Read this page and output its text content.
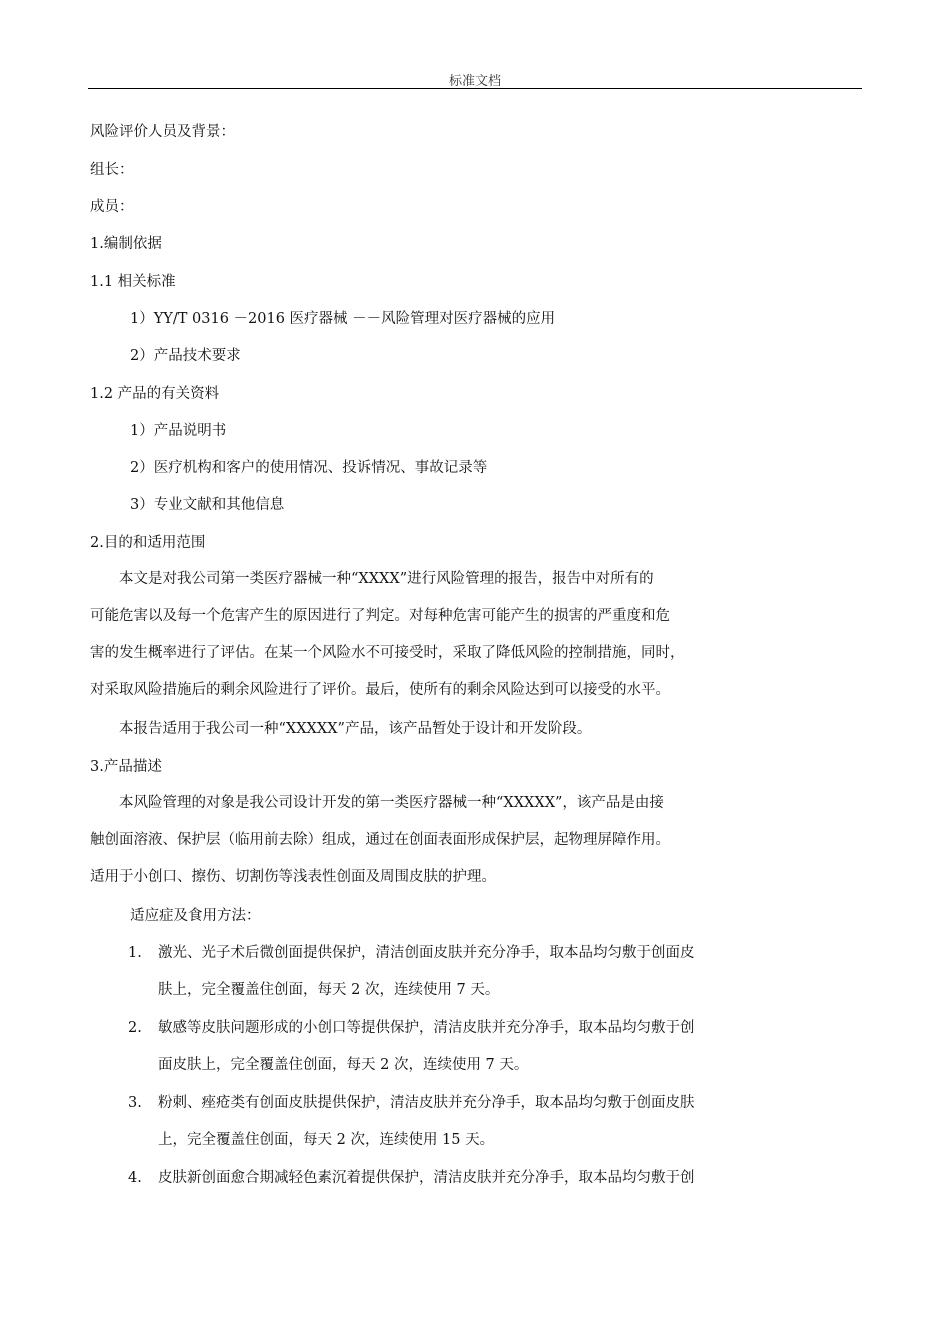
标准文档
风险评价人员及背景：
组长：
成员：
1.编制依据
1.1 相关标准
1）YY/T 0316 －2016 医疗器械 －－风险管理对医疗器械的应用
2）产品技术要求
1.2 产品的有关资料
1）产品说明书
2）医疗机构和客户的使用情况、投诉情况、事故记录等
3）专业文献和其他信息
2.目的和适用范围
　　本文是对我公司第一类医疗器械一种“XXXX”进行风险管理的报告，报告中对所有的
可能危害以及每一个危害产生的原因进行了判定。对每种危害可能产生的损害的严重度和危
害的发生概率进行了评估。在某一个风险水不可接受时，采取了降低风险的控制措施，同时，
对采取风险措施后的剩余风险进行了评价。最后，使所有的剩余风险达到可以接受的水平。
　　本报告适用于我公司一种“XXXXX”产品，该产品暂处于设计和开发阶段。
3.产品描述
　　本风险管理的对象是我公司设计开发的第一类医疗器械一种“XXXXX”，该产品是由接
触创面溶液、保护层（临用前去除）组成，通过在创面表面形成保护层，起物理屏障作用。
适用于小创口、擦伤、切割伤等浅表性创面及周围皮肤的护理。
适应症及食用方法：
1.	激光、光子术后微创面提供保护，清洁创面皮肤并充分净手，取本品均匀敷于创面皮
肤上，完全覆盖住创面，每天 2 次，连续使用 7 天。
2.	敏感等皮肤问题形成的小创口等提供保护，清洁皮肤并充分净手，取本品均匀敷于创
面皮肤上，完全覆盖住创面，每天 2 次，连续使用 7 天。
3.	粉刺、痤疮类有创面皮肤提供保护，清洁皮肤并充分净手，取本品均匀敷于创面皮肤
上，完全覆盖住创面，每天 2 次，连续使用 15 天。
4.	皮肤新创面愈合期减轻色素沉着提供保护，清洁皮肤并充分净手，取本品均匀敷于创
